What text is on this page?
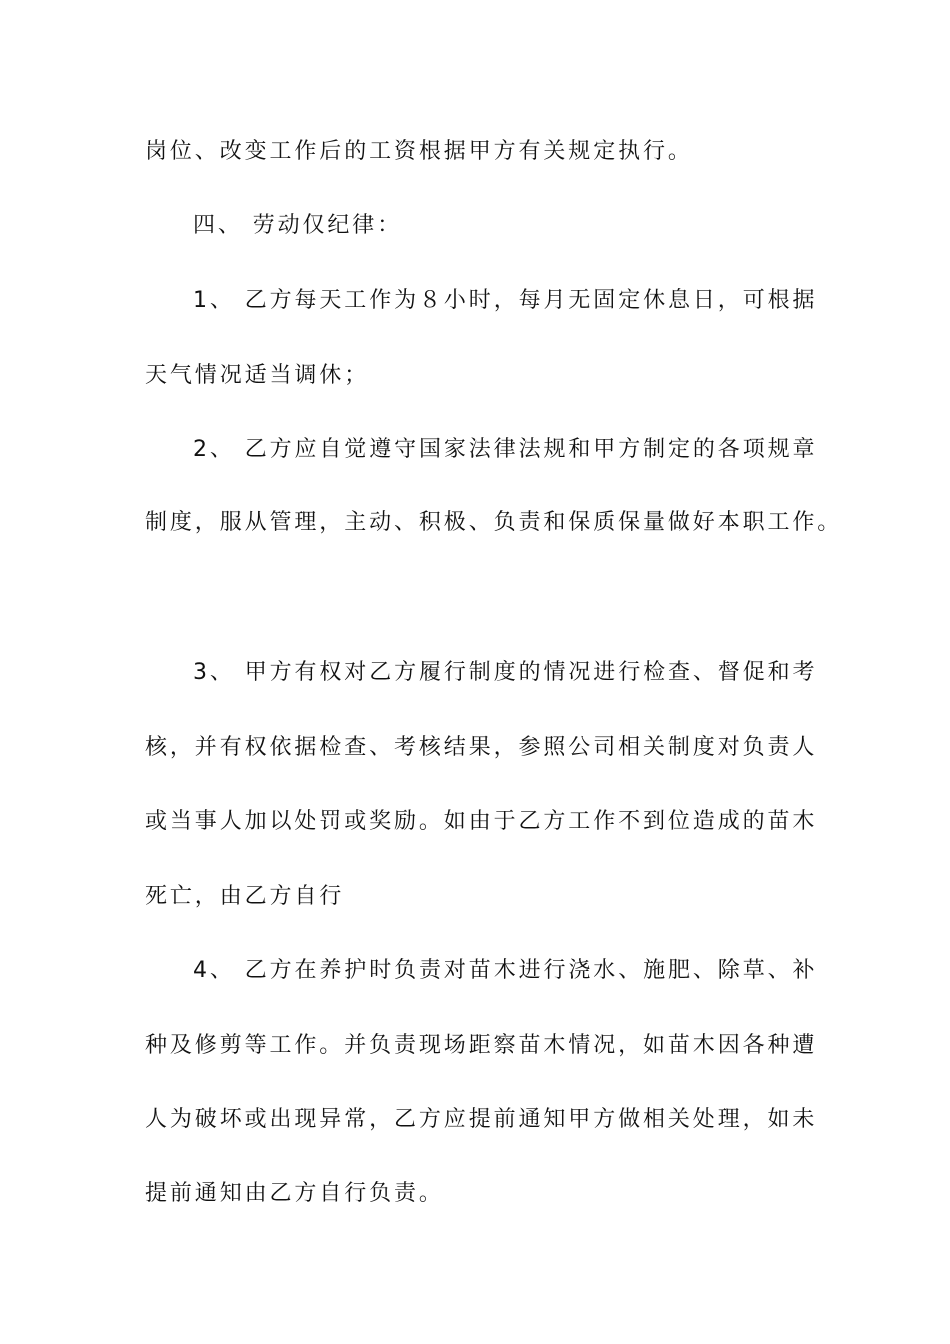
岗位、改变工作后的工资根据甲方有关规定执行。
四、 劳动仅纪律：
1、 乙方每天工作为８小时，每月无固定休息日，可根据
天气情况适当调休；
2、 乙方应自觉遵守国家法律法规和甲方制定的各项规章
制度，服从管理，主动、积极、负责和保质保量做好本职工作。
3、 甲方有权对乙方履行制度的情况进行检查、督促和考
核，并有权依据检查、考核结果，参照公司相关制度对负责人
或当事人加以处罚或奖励。如由于乙方工作不到位造成的苗木
死亡，由乙方自行
4、 乙方在养护时负责对苗木进行浇水、施肥、除草、补
种及修剪等工作。并负责现场距察苗木情况，如苗木因各种遭
人为破坏或出现异常，乙方应提前通知甲方做相关处理，如未
提前通知由乙方自行负责。
